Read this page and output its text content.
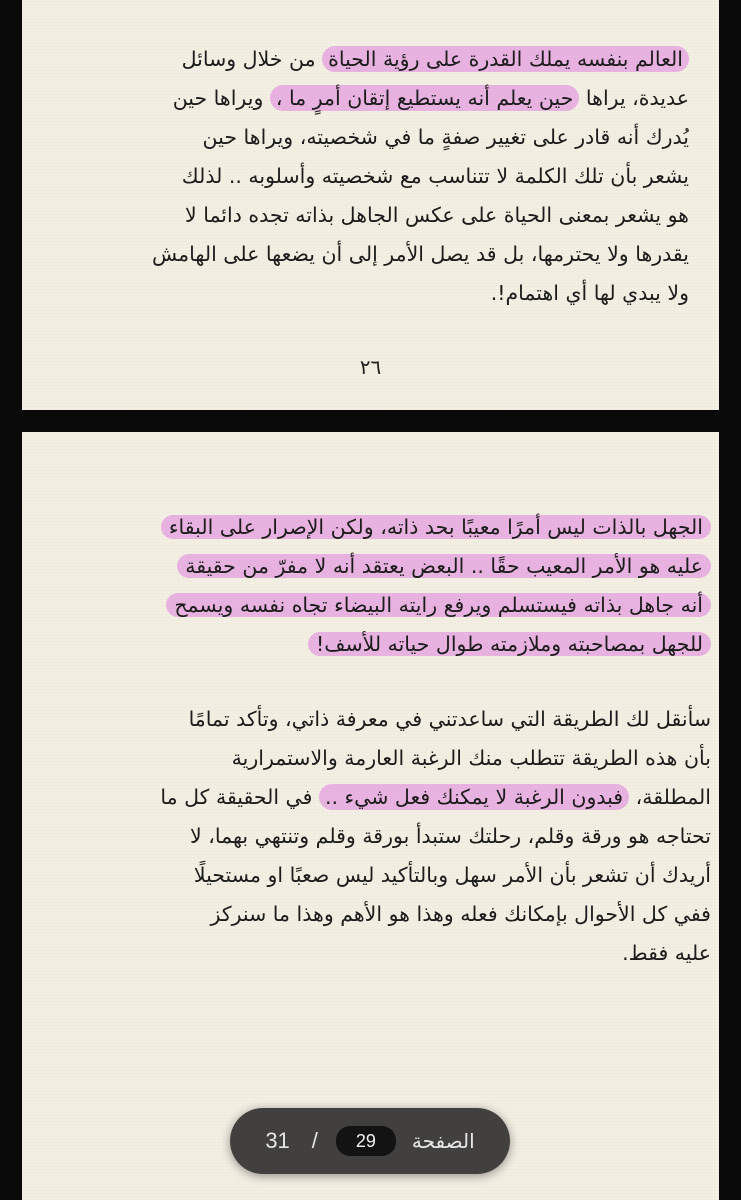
العالم بنفسه يملك القدرة على رؤية الحياة من خلال وسائل
عديدة، يراها حين يعلم أنه يستطيع إتقان أمرٍ ما ، ويراها حين
يُدرك أنه قادر على تغيير صفةٍ ما في شخصيته، ويراها حين
يشعر بأن تلك الكلمة لا تتناسب مع شخصيته وأسلوبه .. لذلك
هو يشعر بمعنى الحياة على عكس الجاهل بذاته تجده دائما لا
يقدرها ولا يحترمها، بل قد يصل الأمر إلى أن يضعها على الهامش
ولا يبدي لها أي اهتمام!.
٢٦
الجهل بالذات ليس أمرًا معيبًا بحد ذاته، ولكن الإصرار على البقاء
عليه هو الأمر المعيب حقًا .. البعض يعتقد أنه لا مفرّ من حقيقة
أنه جاهل بذاته فيستسلم ويرفع رايته البيضاء تجاه نفسه ويسمح
للجهل بمصاحبته وملازمته طوال حياته للأسف!
سأنقل لك الطريقة التي ساعدتني في معرفة ذاتي، وتأكد تمامًا
بأن هذه الطريقة تتطلب منك الرغبة العارمة والاستمرارية
المطلقة، فبدون الرغبة لا يمكنك فعل شيء .. في الحقيقة كل ما
تحتاجه هو ورقة وقلم، رحلتك ستبدأ بورقة وقلم وتنتهي بهما، لا
أريدك أن تشعر بأن الأمر سهل وبالتأكيد ليس صعبًا او مستحيلًا
ففي كل الأحوال بإمكانك فعله وهذا هو الأهم وهذا ما سنركز
عليه فقط.
31 /	29	الصفحة
